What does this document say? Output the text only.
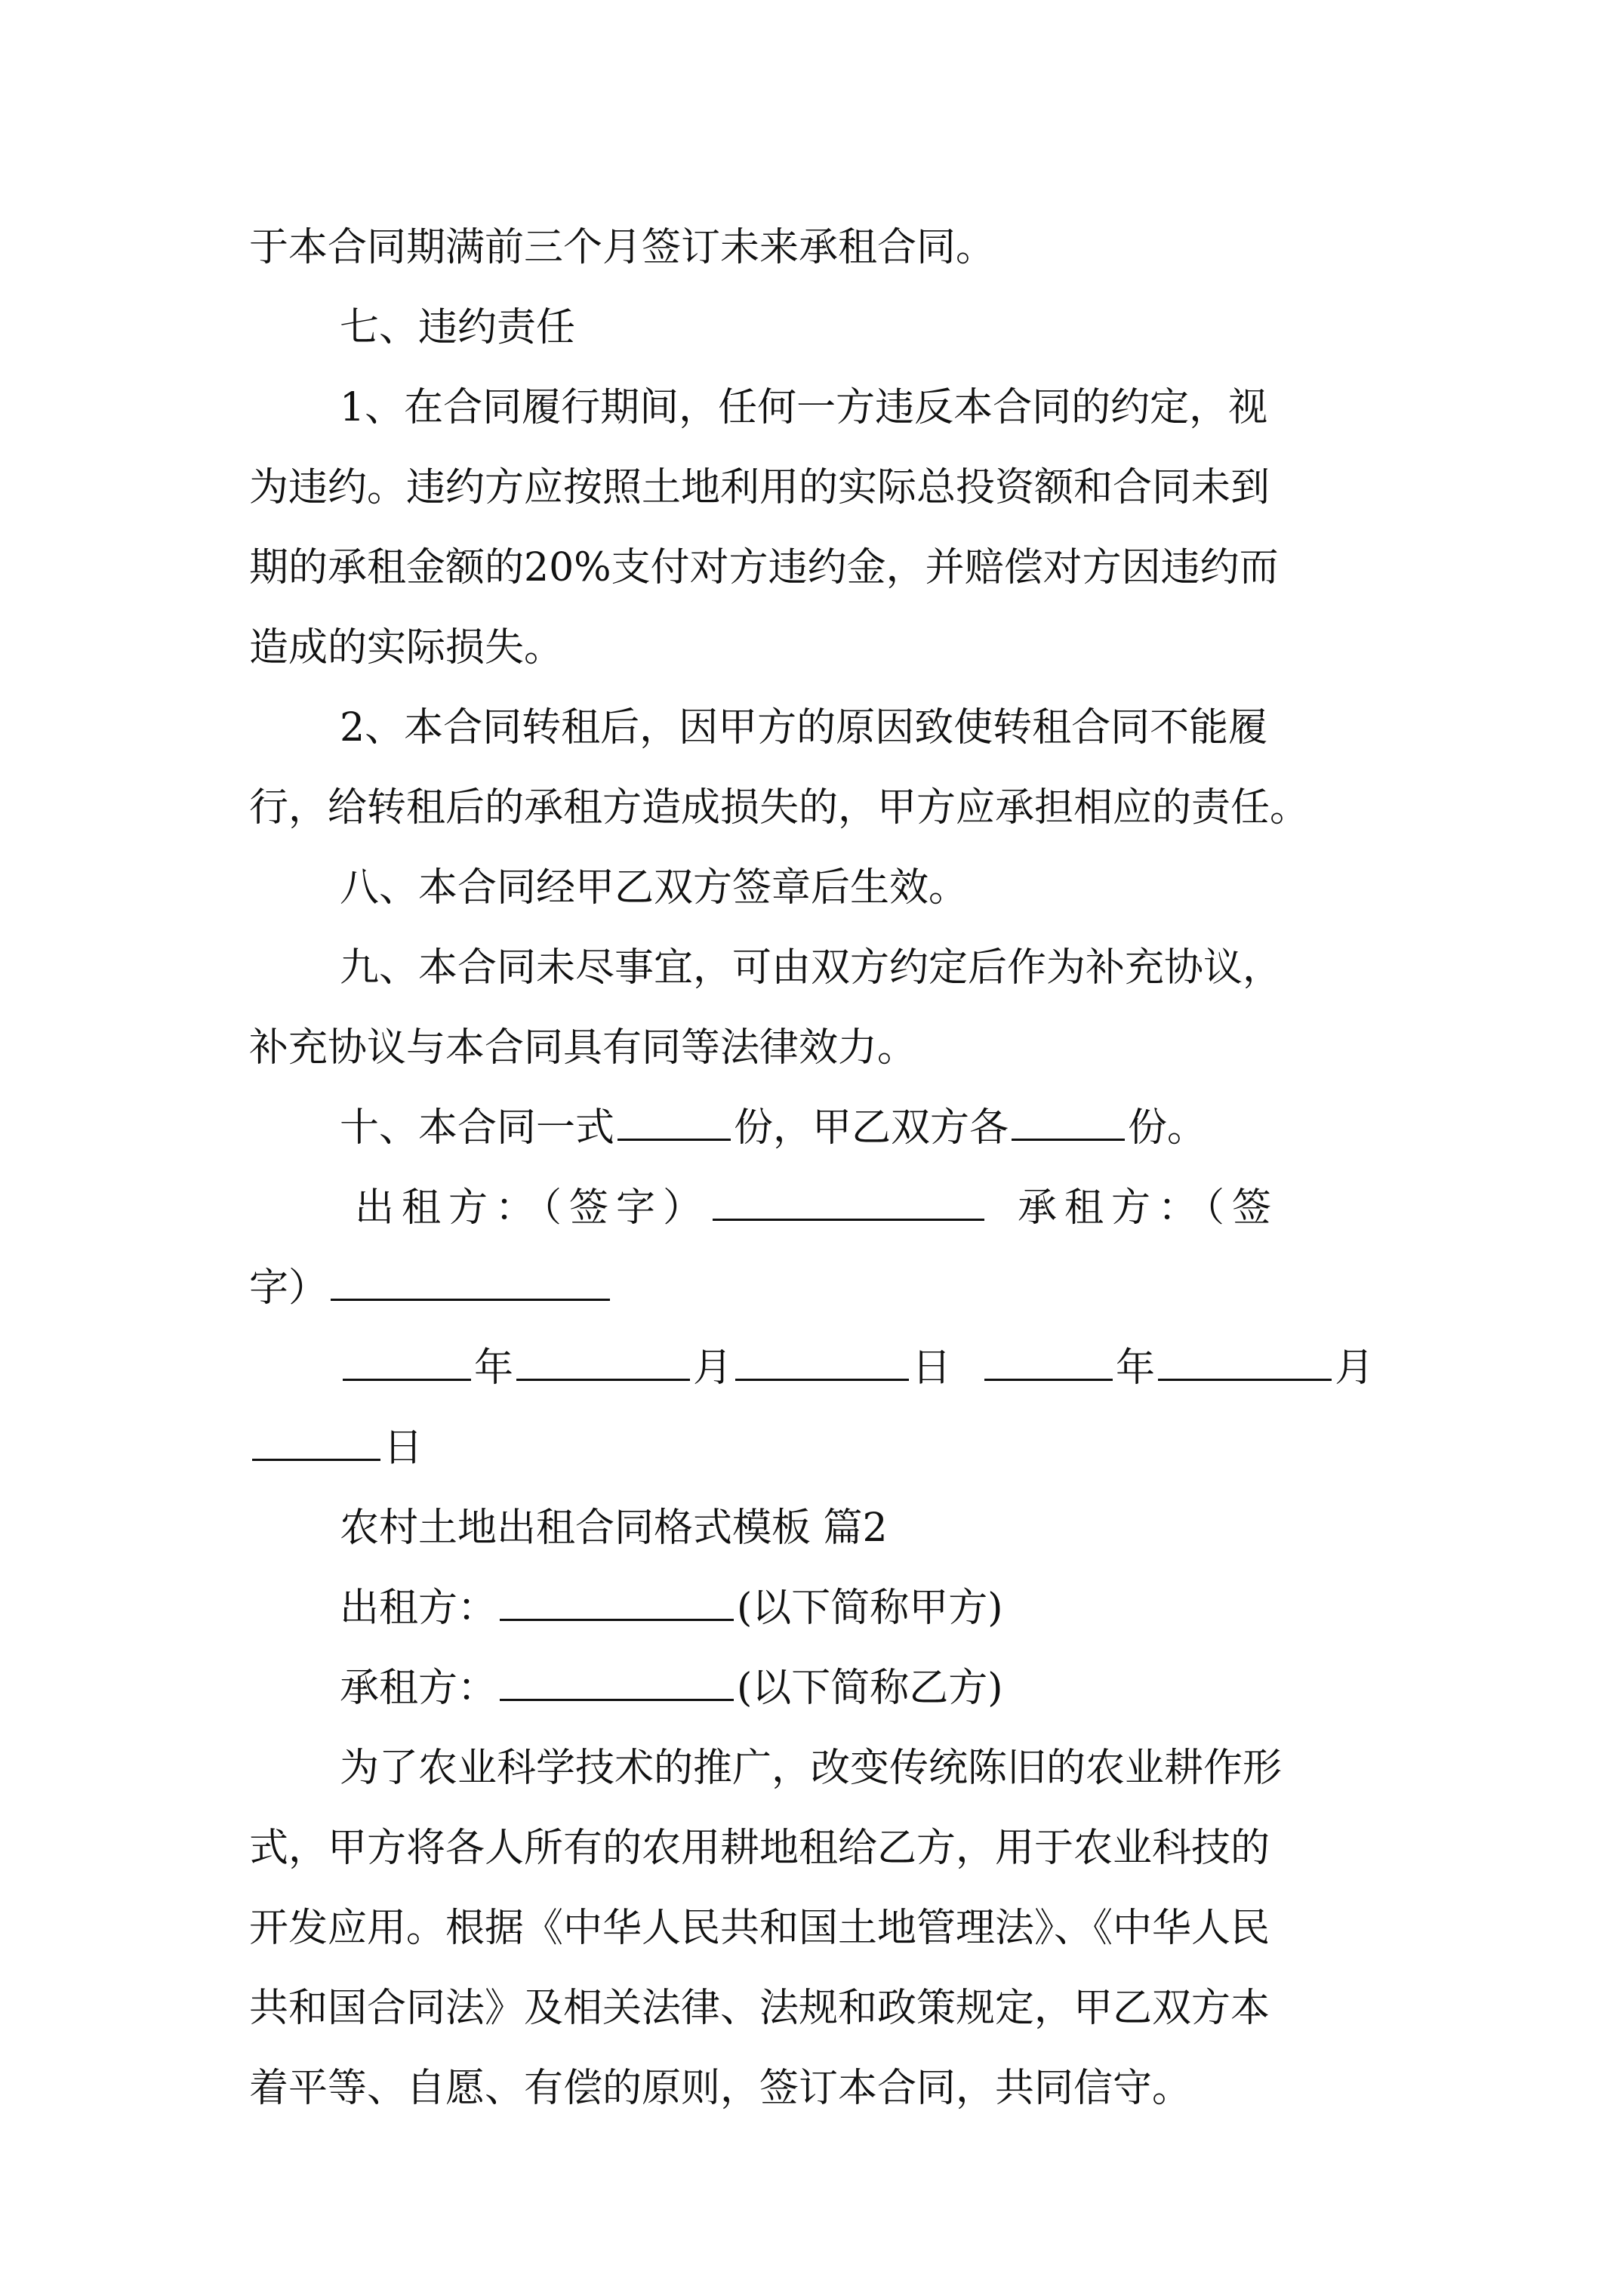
于本合同期满前三个月签订未来承租合同。
七、违约责任
1、在合同履行期间，任何一方违反本合同的约定，视
为违约。违约方应按照土地利用的实际总投资额和合同未到
期的承租金额的20%支付对方违约金，并赔偿对方因违约而
造成的实际损失。
2、本合同转租后，因甲方的原因致使转租合同不能履
行，给转租后的承租方造成损失的，甲方应承担相应的责任。
八、本合同经甲乙双方签章后生效。
九、本合同未尽事宜，可由双方约定后作为补充协议，
补充协议与本合同具有同等法律效力。
十、本合同一式	份，甲乙双方各	份。
出租方：（签字）	承租方：（签
字）
年	月	日	年	月
日
农村土地出租合同格式模板 篇2
出租方：	(以下简称甲方)
承租方：	(以下简称乙方)
为了农业科学技术的推广，改变传统陈旧的农业耕作形
式，甲方将各人所有的农用耕地租给乙方，用于农业科技的
开发应用。根据《中华人民共和国土地管理法》、《中华人民
共和国合同法》及相关法律、法规和政策规定，甲乙双方本
着平等、自愿、有偿的原则，签订本合同，共同信守。
